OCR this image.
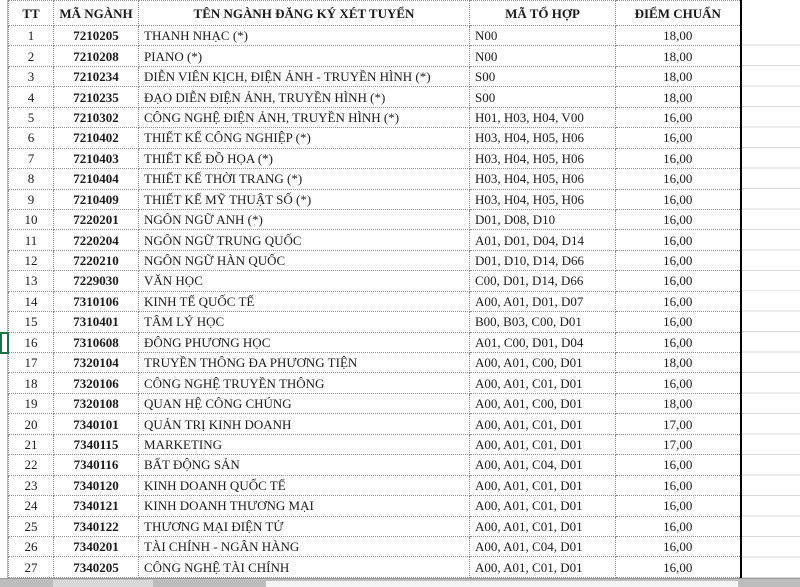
TT	MÃ NGÀNH	TÊN NGÀNH ĐĂNG KÝ XÉT TUYỂN	MÃ TỔ HỢP	ĐIỂM CHUẨN
1	7210205	THANH NHẠC (*)	N00	18,00
2	7210208	PIANO (*)	N00	18,00
3	7210234	DIỄN VIÊN KỊCH, ĐIỆN ẢNH - TRUYỀN HÌNH (*)	S00	18,00
4	7210235	ĐẠO DIỄN ĐIỆN ẢNH, TRUYỀN HÌNH (*)	S00	18,00
5	7210302	CÔNG NGHỆ ĐIỆN ẢNH, TRUYỀN HÌNH (*)	H01, H03, H04, V00	16,00
6	7210402	THIẾT KẾ CÔNG NGHIỆP (*)	H03, H04, H05, H06	16,00
7	7210403	THIẾT KẾ ĐỒ HỌA (*)	H03, H04, H05, H06	16,00
8	7210404	THIẾT KẾ THỜI TRANG (*)	H03, H04, H05, H06	16,00
9	7210409	THIẾT KẾ MỸ THUẬT SỐ (*)	H03, H04, H05, H06	16,00
10	7220201	NGÔN NGỮ ANH (*)	D01, D08, D10	16,00
11	7220204	NGÔN NGỮ TRUNG QUỐC	A01, D01, D04, D14	16,00
12	7220210	NGÔN NGỮ HÀN QUỐC	D01, D10, D14, D66	16,00
13	7229030	VĂN HỌC	C00, D01, D14, D66	16,00
14	7310106	KINH TẾ QUỐC TẾ	A00, A01, D01, D07	16,00
15	7310401	TÂM LÝ HỌC	B00, B03, C00, D01	16,00
16	7310608	ĐÔNG PHƯƠNG HỌC	A01, C00, D01, D04	16,00
17	7320104	TRUYỀN THÔNG ĐA PHƯƠNG TIỆN	A00, A01, C00, D01	18,00
18	7320106	CÔNG NGHỆ TRUYỀN THÔNG	A00, A01, C01, D01	16,00
19	7320108	QUAN HỆ CÔNG CHÚNG	A00, A01, C00, D01	18,00
20	7340101	QUẢN TRỊ KINH DOANH	A00, A01, C01, D01	17,00
21	7340115	MARKETING	A00, A01, C01, D01	17,00
22	7340116	BẤT ĐỘNG SẢN	A00, A01, C04, D01	16,00
23	7340120	KINH DOANH QUỐC TẾ	A00, A01, C01, D01	16,00
24	7340121	KINH DOANH THƯƠNG MẠI	A00, A01, C01, D01	16,00
25	7340122	THƯƠNG MẠI ĐIỆN TỬ	A00, A01, C01, D01	16,00
26	7340201	TÀI CHÍNH - NGÂN HÀNG	A00, A01, C04, D01	16,00
27	7340205	CÔNG NGHỆ TÀI CHÍNH	A00, A01, C01, D01	16,00
